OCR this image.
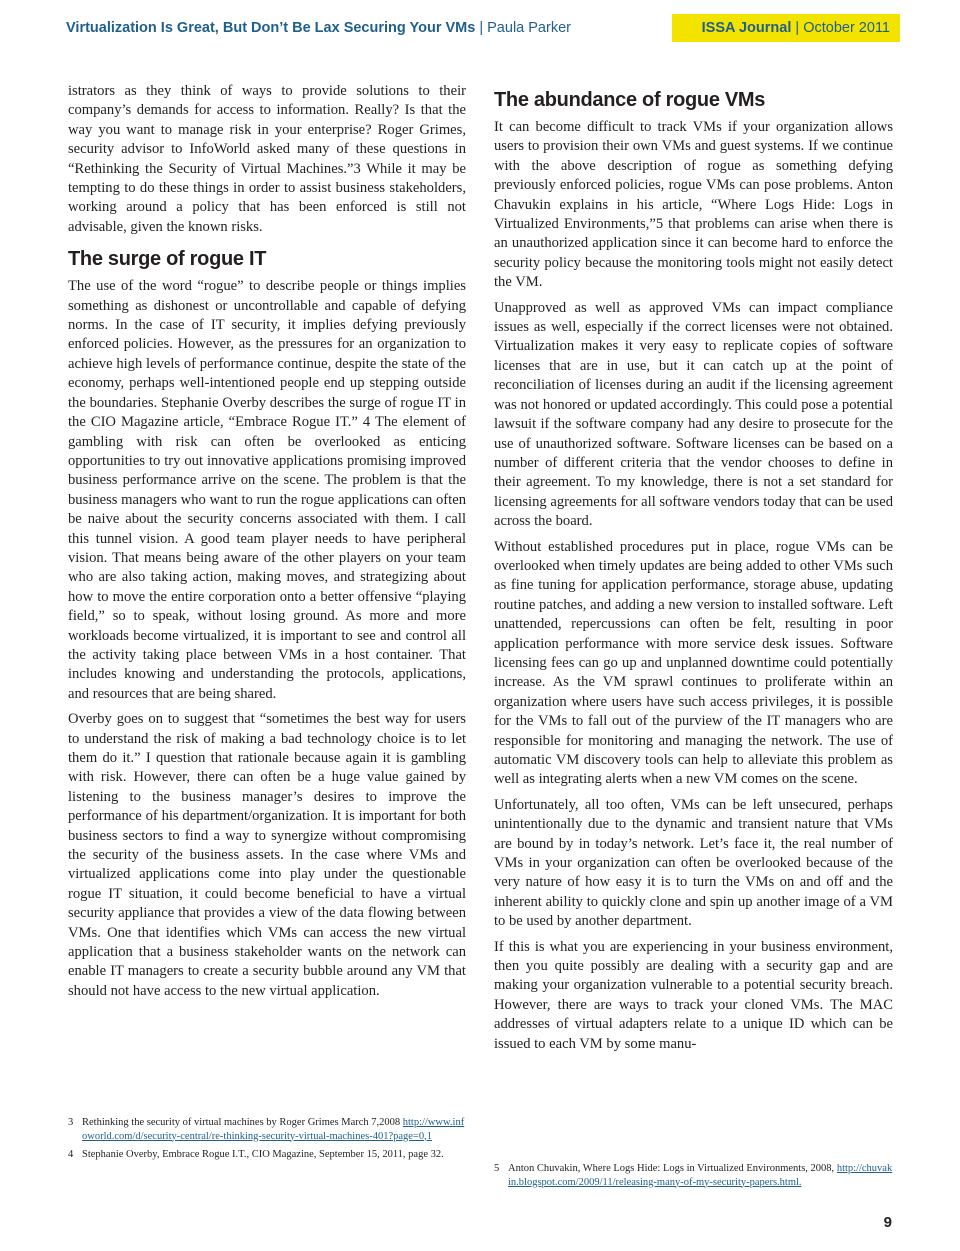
Virtualization Is Great, But Don’t Be Lax Securing Your VMs | Paula Parker	ISSA Journal | October 2011

istrators as they think of ways to provide solutions to their company’s demands for access to information. Really? Is that the way you want to manage risk in your enterprise? Roger Grimes, security advisor to InfoWorld asked many of these questions in “Rethinking the Security of Virtual Machines.”3 While it may be tempting to do these things in order to assist business stakeholders, working around a policy that has been enforced is still not advisable, given the known risks.

The surge of rogue IT

The use of the word “rogue” to describe people or things implies something as dishonest or uncontrollable and capable of defying norms. In the case of IT security, it implies defying previously enforced policies. However, as the pressures for an organization to achieve high levels of performance continue, despite the state of the economy, perhaps well-intentioned people end up stepping outside the boundaries. Stephanie Overby describes the surge of rogue IT in the CIO Magazine article, “Embrace Rogue IT.” 4 The element of gambling with risk can often be overlooked as enticing opportunities to try out innovative applications promising improved business performance arrive on the scene. The problem is that the business managers who want to run the rogue applications can often be naive about the security concerns associated with them. I call this tunnel vision. A good team player needs to have peripheral vision. That means being aware of the other players on your team who are also taking action, making moves, and strategizing about how to move the entire corporation onto a better offensive “playing field,” so to speak, without losing ground. As more and more workloads become virtualized, it is important to see and control all the activity taking place between VMs in a host container. That includes knowing and understanding the protocols, applications, and resources that are being shared.

Overby goes on to suggest that “sometimes the best way for users to understand the risk of making a bad technology choice is to let them do it.” I question that rationale because again it is gambling with risk. However, there can often be a huge value gained by listening to the business manager’s desires to improve the performance of his department/organization. It is important for both business sectors to find a way to synergize without compromising the security of the business assets. In the case where VMs and virtualized applications come into play under the questionable rogue IT situation, it could become beneficial to have a virtual security appliance that provides a view of the data flowing between VMs. One that identifies which VMs can access the new virtual application that a business stakeholder wants on the network can enable IT managers to create a security bubble around any VM that should not have access to the new virtual application.

The abundance of rogue VMs

It can become difficult to track VMs if your organization allows users to provision their own VMs and guest systems. If we continue with the above description of rogue as something defying previously enforced policies, rogue VMs can pose problems. Anton Chavukin explains in his article, “Where Logs Hide: Logs in Virtualized Environments,”5 that problems can arise when there is an unauthorized application since it can become hard to enforce the security policy because the monitoring tools might not easily detect the VM.

Unapproved as well as approved VMs can impact compliance issues as well, especially if the correct licenses were not obtained. Virtualization makes it very easy to replicate copies of software licenses that are in use, but it can catch up at the point of reconciliation of licenses during an audit if the licensing agreement was not honored or updated accordingly. This could pose a potential lawsuit if the software company had any desire to prosecute for the use of unauthorized software. Software licenses can be based on a number of different criteria that the vendor chooses to define in their agreement. To my knowledge, there is not a set standard for licensing agreements for all software vendors today that can be used across the board.

Without established procedures put in place, rogue VMs can be overlooked when timely updates are being added to other VMs such as fine tuning for application performance, storage abuse, updating routine patches, and adding a new version to installed software. Left unattended, repercussions can often be felt, resulting in poor application performance with more service desk issues. Software licensing fees can go up and unplanned downtime could potentially increase. As the VM sprawl continues to proliferate within an organization where users have such access privileges, it is possible for the VMs to fall out of the purview of the IT managers who are responsible for monitoring and managing the network. The use of automatic VM discovery tools can help to alleviate this problem as well as integrating alerts when a new VM comes on the scene.

Unfortunately, all too often, VMs can be left unsecured, perhaps unintentionally due to the dynamic and transient nature that VMs are bound by in today’s network. Let’s face it, the real number of VMs in your organization can often be overlooked because of the very nature of how easy it is to turn the VMs on and off and the inherent ability to quickly clone and spin up another image of a VM to be used by another department.

If this is what you are experiencing in your business environment, then you quite possibly are dealing with a security gap and are making your organization vulnerable to a potential security breach. However, there are ways to track your cloned VMs. The MAC addresses of virtual adapters relate to a unique ID which can be issued to each VM by some manu-

3 Rethinking the security of virtual machines by Roger Grimes March 7,2008 http://www.infoworld.com/d/security-central/re-thinking-security-virtual-machines-401?page=0,1
4 Stephanie Overby, Embrace Rogue I.T., CIO Magazine, September 15, 2011, page 32.
5 Anton Chuvakin, Where Logs Hide: Logs in Virtualized Environments, 2008, http://chuvakin.blogspot.com/2009/11/releasing-many-of-my-security-papers.html.
9
